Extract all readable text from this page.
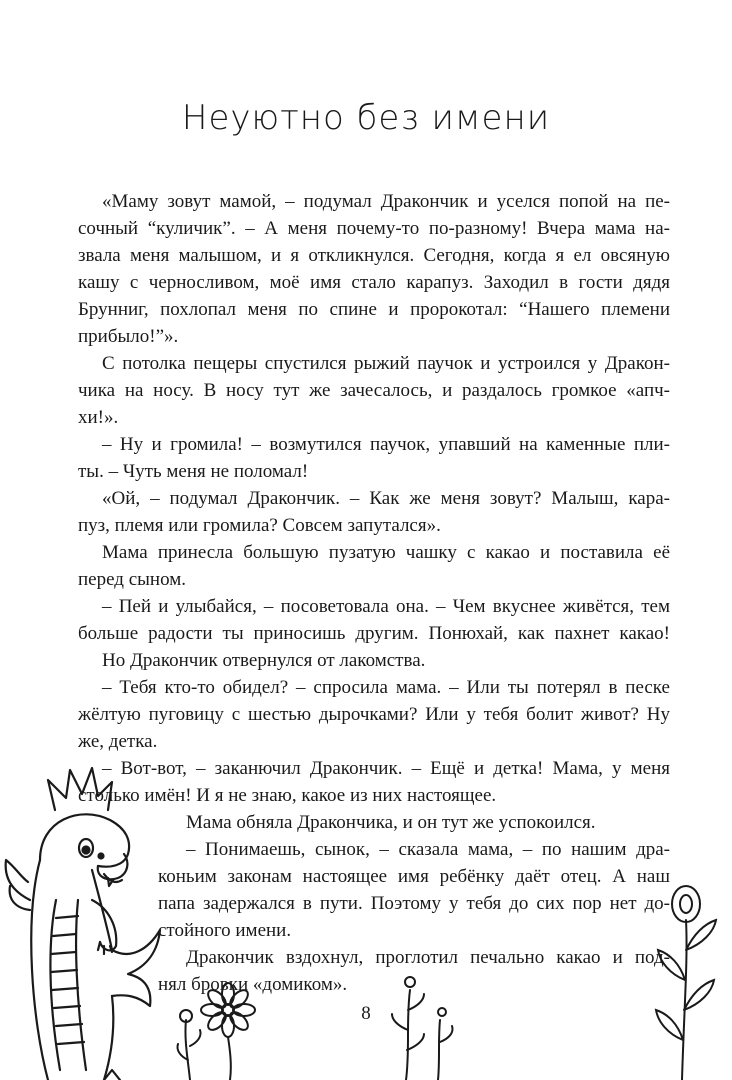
Неуютно без имени
«Маму зовут мамой, – подумал Дракончик и уселся попой на пе-
сочный “куличик”. – А меня почему-то по-разному! Вчера мама на-
звала меня малышом, и я откликнулся. Сегодня, когда я ел овсяную
кашу с черносливом, моё имя стало карапуз. Заходил в гости дядя
Брунниг, похлопал меня по спине и пророкотал: “Нашего племени
прибыло!”».
С потолка пещеры спустился рыжий паучок и устроился у Дракон-
чика на носу. В носу тут же зачесалось, и раздалось громкое «апч-
хи!».
– Ну и громила! – возмутился паучок, упавший на каменные пли-
ты. – Чуть меня не поломал!
«Ой, – подумал Дракончик. – Как же меня зовут? Малыш, кара-
пуз, племя или громила? Совсем запутался».
Мама принесла большую пузатую чашку с какао и поставила её
перед сыном.
– Пей и улыбайся, – посоветовала она. – Чем вкуснее живётся, тем
больше радости ты приносишь другим. Понюхай, как пахнет какао!
Но Дракончик отвернулся от лакомства.
– Тебя кто-то обидел? – спросила мама. – Или ты потерял в песке
жёлтую пуговицу с шестью дырочками? Или у тебя болит живот? Ну
же, детка.
– Вот-вот, – заканючил Дракончик. – Ещё и детка! Мама, у меня
столько имён! И я не знаю, какое из них настоящее.
Мама обняла Дракончика, и он тут же успокоился.
– Понимаешь, сынок, – сказала мама, – по нашим дра-
коньим законам настоящее имя ребёнку даёт отец. А наш
папа задержался в пути. Поэтому у тебя до сих пор нет до-
стойного имени.
Дракончик вздохнул, проглотил печально какао и под-
нял бровки «домиком».
8
